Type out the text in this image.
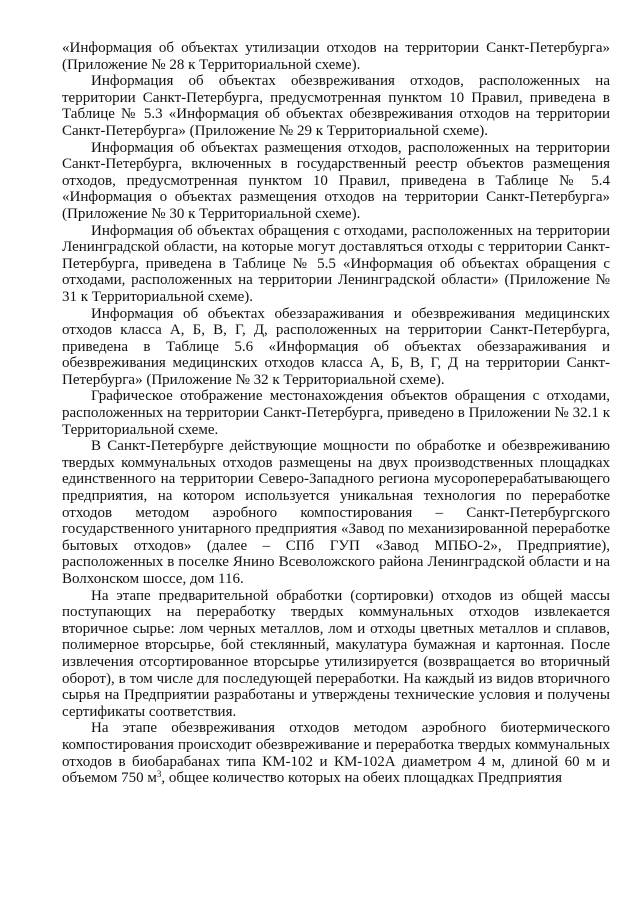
«Информация об объектах утилизации отходов на территории Санкт-Петербурга» (Приложение № 28 к Территориальной схеме).

Информация об объектах обезвреживания отходов, расположенных на территории Санкт-Петербурга, предусмотренная пунктом 10 Правил, приведена в Таблице № 5.3 «Информация об объектах обезвреживания отходов на территории Санкт-Петербурга» (Приложение № 29 к Территориальной схеме).

Информация об объектах размещения отходов, расположенных на территории Санкт-Петербурга, включенных в государственный реестр объектов размещения отходов, предусмотренная пунктом 10 Правил, приведена в Таблице № 5.4 «Информация о объектах размещения отходов на территории Санкт-Петербурга» (Приложение № 30 к Территориальной схеме).

Информация об объектах обращения с отходами, расположенных на территории Ленинградской области, на которые могут доставляться отходы с территории Санкт-Петербурга, приведена в Таблице № 5.5 «Информация об объектах обращения с отходами, расположенных на территории Ленинградской области» (Приложение № 31 к Территориальной схеме).

Информация об объектах обеззараживания и обезвреживания медицинских отходов класса А, Б, В, Г, Д, расположенных на территории Санкт-Петербурга, приведена в Таблице 5.6 «Информация об объектах обеззараживания и обезвреживания медицинских отходов класса А, Б, В, Г, Д на территории Санкт-Петербурга» (Приложение № 32 к Территориальной схеме).

Графическое отображение местонахождения объектов обращения с отходами, расположенных на территории Санкт-Петербурга, приведено в Приложении № 32.1 к Территориальной схеме.

В Санкт-Петербурге действующие мощности по обработке и обезвреживанию твердых коммунальных отходов размещены на двух производственных площадках единственного на территории Северо-Западного региона мусороперерабатывающего предприятия, на котором используется уникальная технология по переработке отходов методом аэробного компостирования – Санкт-Петербургского государственного унитарного предприятия «Завод по механизированной переработке бытовых отходов» (далее – СПб ГУП «Завод МПБО-2», Предприятие), расположенных в поселке Янино Всеволожского района Ленинградской области и на Волхонском шоссе, дом 116.

На этапе предварительной обработки (сортировки) отходов из общей массы поступающих на переработку твердых коммунальных отходов извлекается вторичное сырье: лом черных металлов, лом и отходы цветных металлов и сплавов, полимерное вторсырье, бой стеклянный, макулатура бумажная и картонная. После извлечения отсортированное вторсырье утилизируется (возвращается во вторичный оборот), в том числе для последующей переработки. На каждый из видов вторичного сырья на Предприятии разработаны и утверждены технические условия и получены сертификаты соответствия.

На этапе обезвреживания отходов методом аэробного биотермического компостирования происходит обезвреживание и переработка твердых коммунальных отходов в биобарабанах типа КМ-102 и КМ-102А диаметром 4 м, длиной 60 м и объемом 750 $м^3$, общее количество которых на обеих площадках Предприятия
